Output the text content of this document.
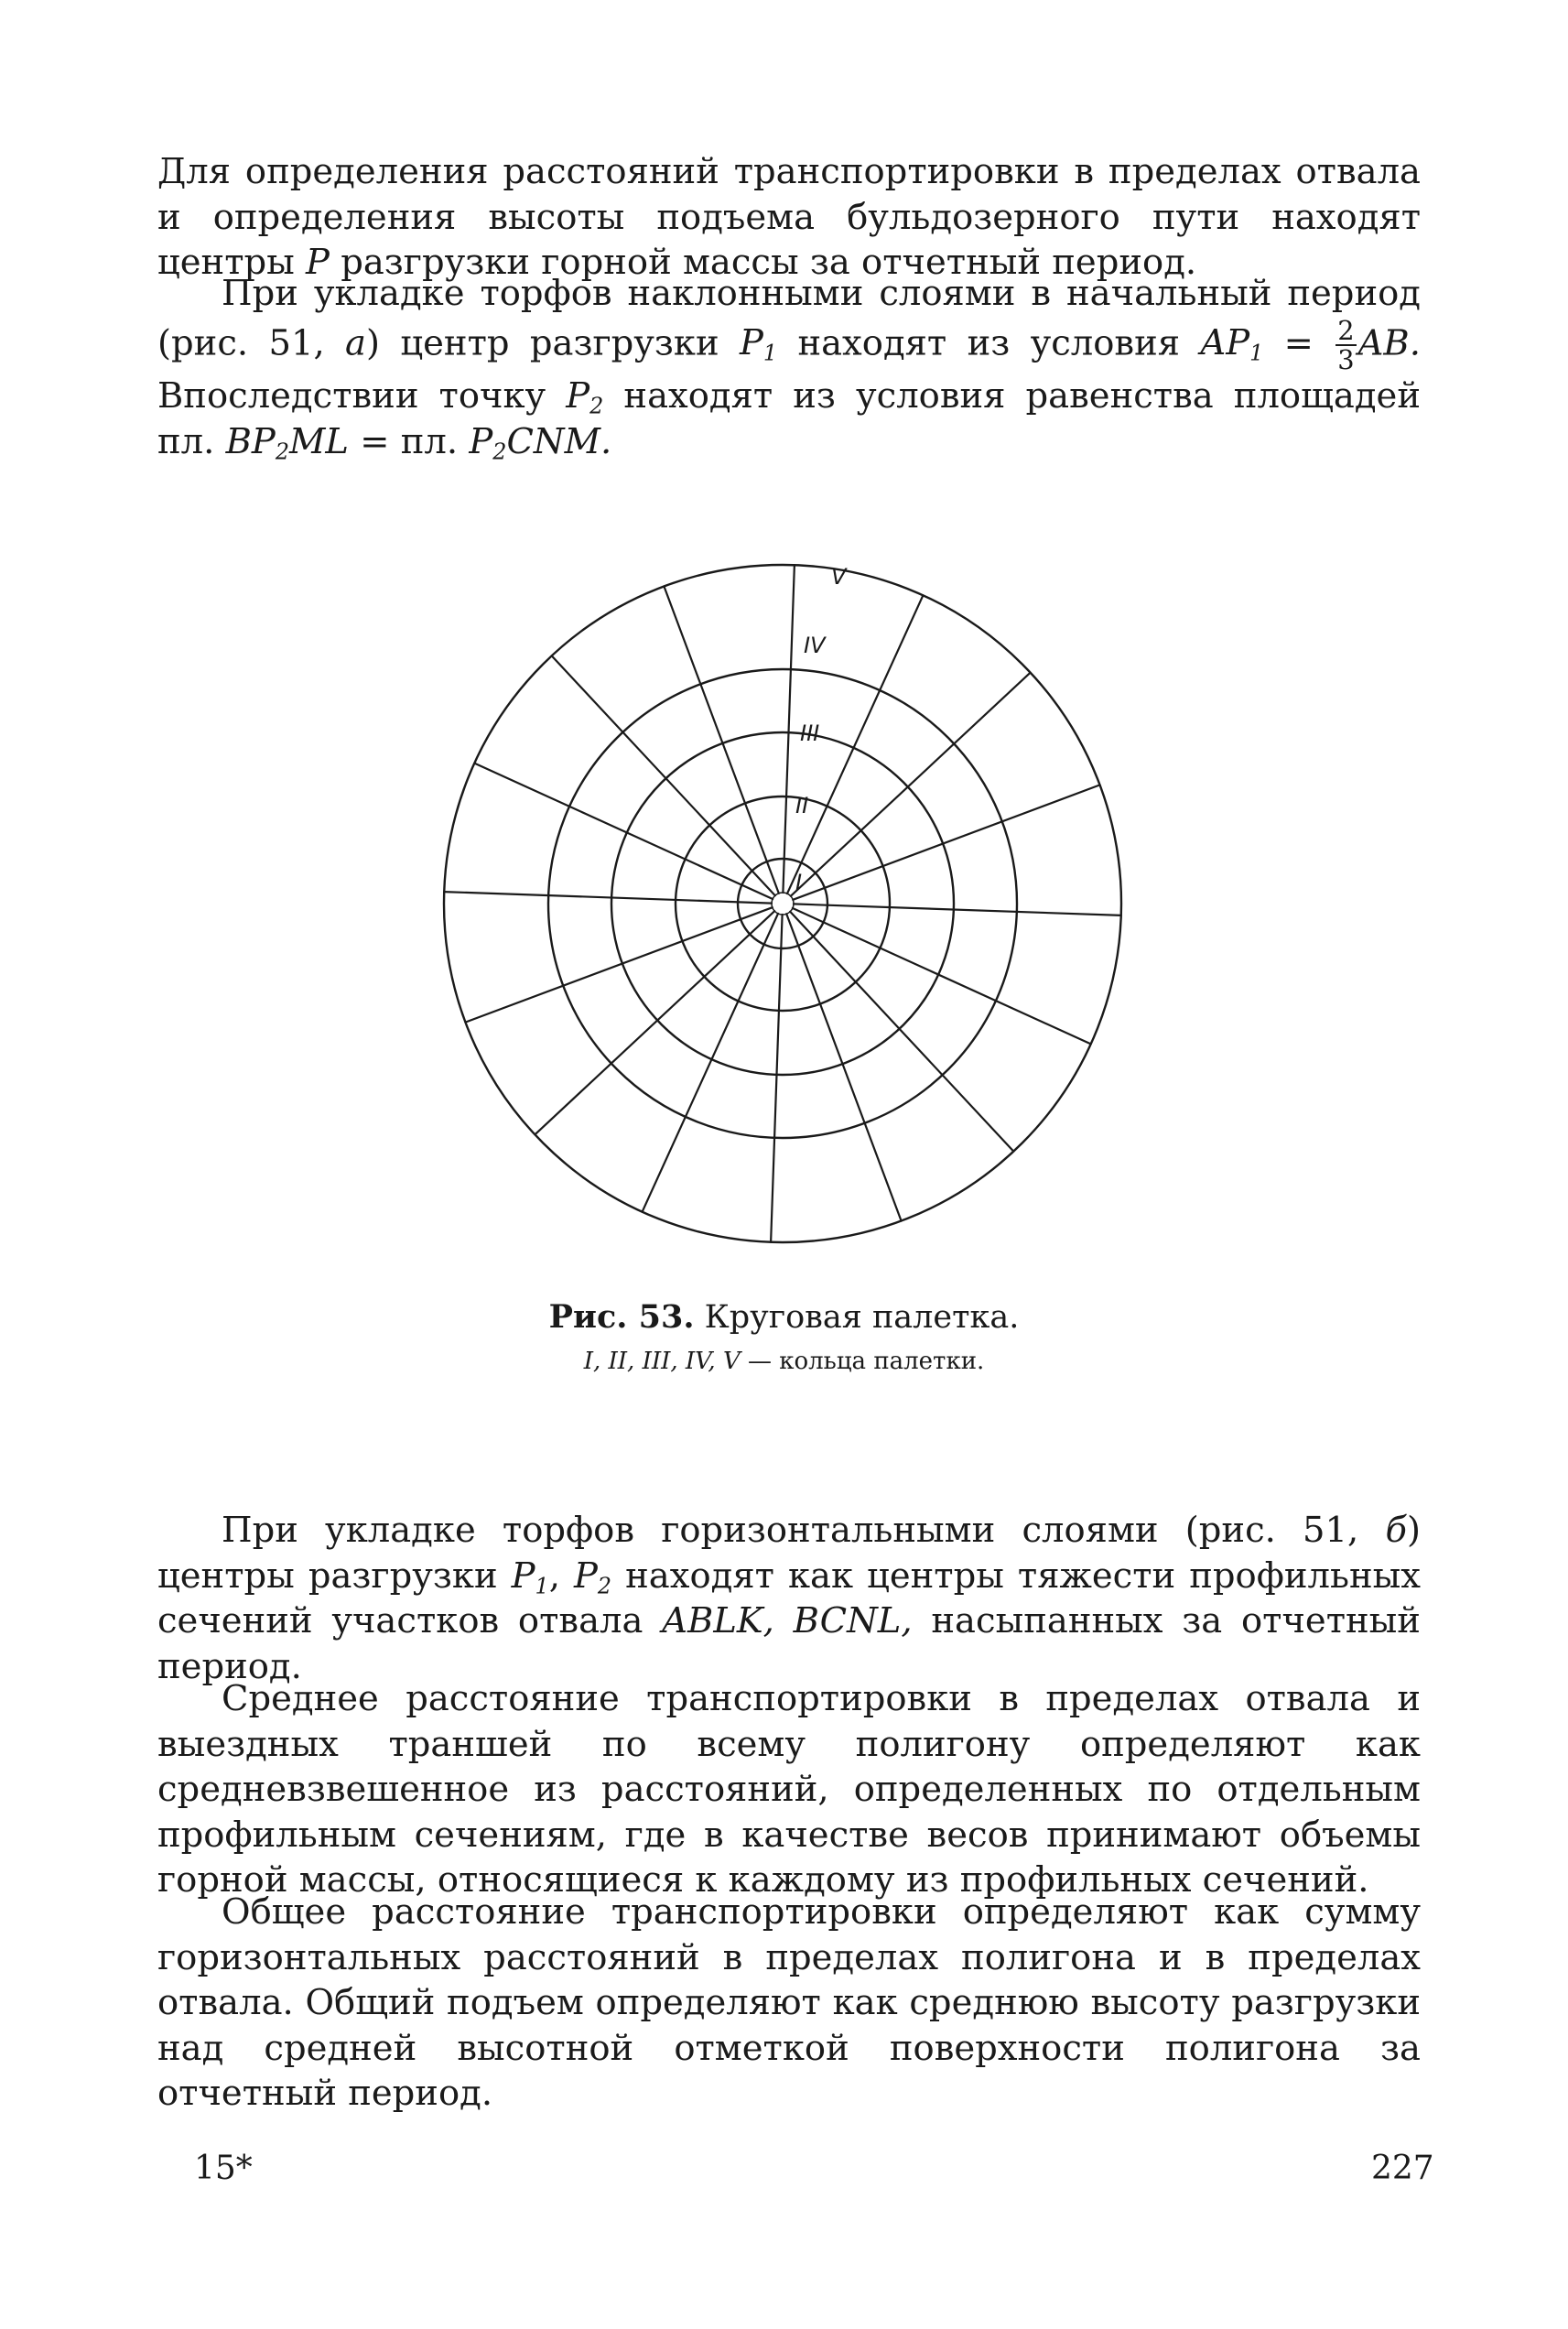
Для определения расстояний транспортировки в пределах отвала и определения высоты подъема бульдозерного пути находят центры P разгрузки горной массы за отчетный период.

При укладке торфов наклонными слоями в начальный период (рис. 51, а) центр разгрузки $P_1$ находят из условия $AP_1 = \frac{2}{3}$ AB. Впоследствии точку $P_2$ находят из условия равенства площадей пл. $BP_2ML$ = пл. $P_2CNM$.

I
II
III
IV
V

Рис. 53. Круговая палетка.

I, II, III, IV, V — кольца палетки.

При укладке торфов горизонтальными слоями (рис. 51, б) центры разгрузки $P_1$, $P_2$ находят как центры тяжести профильных сечений участков отвала ABLK, BCNL, насыпанных за отчетный период.

Среднее расстояние транспортировки в пределах отвала и выездных траншей по всему полигону определяют как средневзвешенное из расстояний, определенных по отдельным профильным сечениям, где в качестве весов принимают объемы горной массы, относящиеся к каждому из профильных сечений.

Общее расстояние транспортировки определяют как сумму горизонтальных расстояний в пределах полигона и в пределах отвала. Общий подъем определяют как среднюю высоту разгрузки над средней высотной отметкой поверхности полигона за отчетный период.

15*	227
